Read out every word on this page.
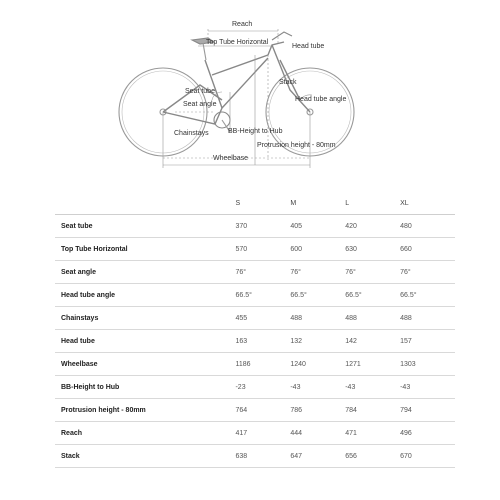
Reach
Top Tube Horizontal
Head tube
Stack
Seat tube
Seat angle
Head tube angle
Chainstays	BB-Height to Hub
Protrusion height - 80mm
Wheelbase
	S	M	L	XL
Seat tube	370	405	420	480
Top Tube Horizontal	570	600	630	660
Seat angle	76°	76°	76°	76°
Head tube angle	66.5°	66.5°	66.5°	66.5°
Chainstays	455	488	488	488
Head tube	163	132	142	157
Wheelbase	1186	1240	1271	1303
BB-Height to Hub	-23	-43	-43	-43
Protrusion height - 80mm	764	786	784	794
Reach	417	444	471	496
Stack	638	647	656	670
